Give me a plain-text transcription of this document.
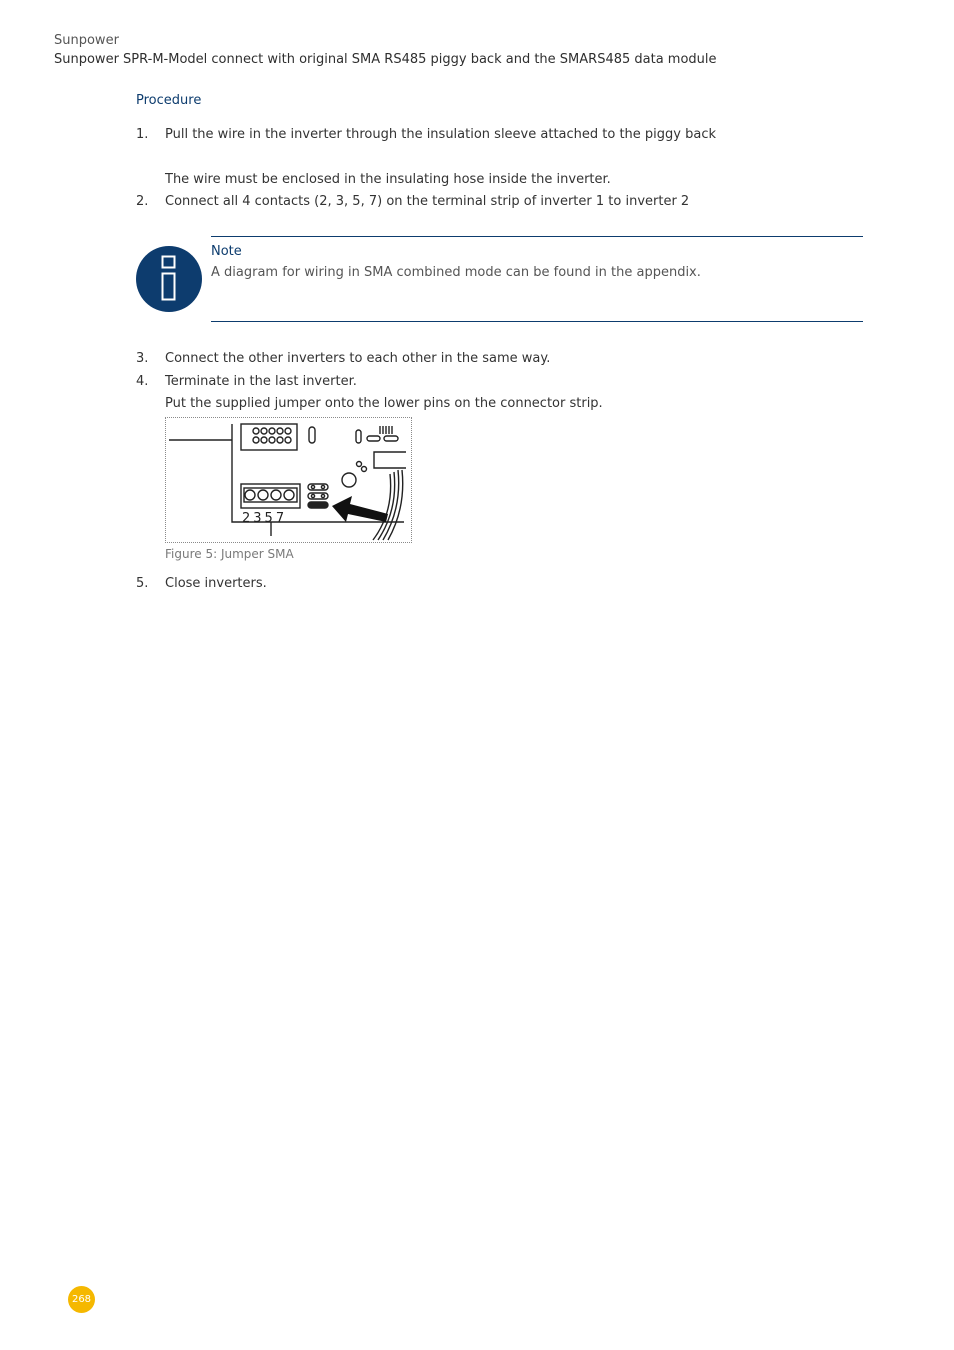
Sunpower
Sunpower SPR-M-Model connect with original SMA RS485 piggy back and the SMARS485 data module
Procedure
1. Pull the wire in the inverter through the insulation sleeve attached to the piggy back
The wire must be enclosed in the insulating hose inside the inverter.
2. Connect all 4 contacts (2, 3, 5, 7) on the terminal strip of inverter 1 to inverter 2
Note
A diagram for wiring in SMA combined mode can be found in the appendix.
3. Connect the other inverters to each other in the same way.
4. Terminate in the last inverter.
Put the supplied jumper onto the lower pins on the connector strip.
2357
Figure 5: Jumper SMA
5. Close inverters.
268
